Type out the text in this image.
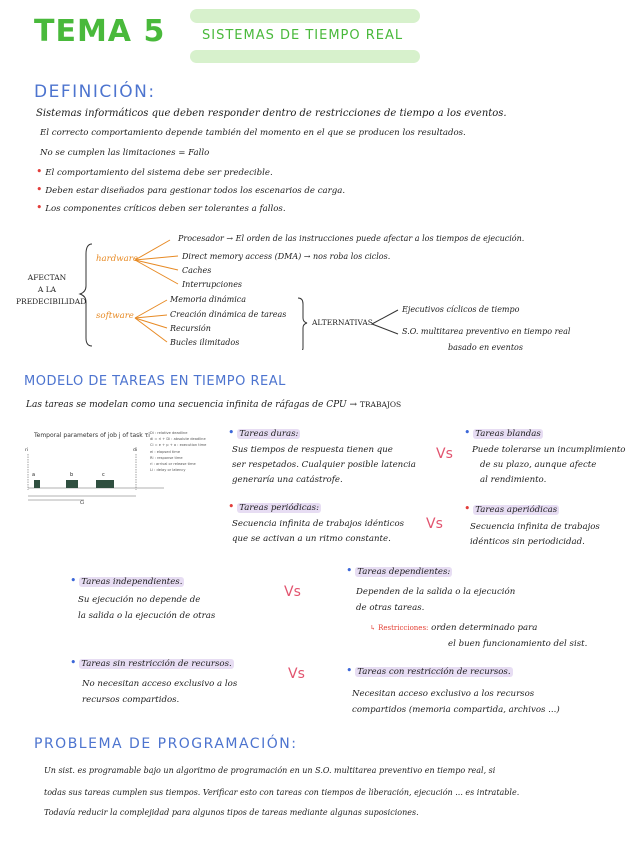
TEMA 5	SISTEMAS DE TIEMPO REAL
DEFINICIÓN:
Sistemas informáticos que deben responder dentro de restricciones de tiempo a los eventos.
El correcto comportamiento depende también del momento en el que se producen los resultados.
No se cumplen las limitaciones = Fallo
• El comportamiento del sistema debe ser predecible.
• Deben estar diseñados para gestionar todos los escenarios de carga.
• Los componentes críticos deben ser tolerantes a fallos.
AFECTAN
A LA
PREDECIBILIDAD
hardware
Procesador → El orden de las instrucciones puede afectar a los tiempos de ejecución.
Direct memory access (DMA) → nos roba los ciclos.
Caches
Interrupciones
software
Memoria dinámica
Creación dinámica de tareas
Recursión
Bucles ilimitados
ALTERNATIVAS
Ejecutivos cíclicos de tiempo
S.O. multitarea preventivo en tiempo real
basado en eventos
MODELO DE TAREAS EN TIEMPO REAL
Las tareas se modelan como una secuencia infinita de ráfagas de CPU → TRABAJOS
Temporal parameters of job j of task τi Di : relative deadline
di = ri + Di : absolute deadline
Ci = e + p + a : execution time
ei : elapsed time
Ri : response time
ri : arrival or release time
Li : delay or latency
a	b	c
ri	di
Ci
• Tareas duras:
Sus tiempos de respuesta tienen que
ser respetados. Cualquier posible latencia
generaría una catástrofe.
Vs
• Tareas blandas
Puede tolerarse un incumplimiento
de su plazo, aunque afecte
al rendimiento.
• Tareas periódicas:
Secuencia infinita de trabajos idénticos
que se activan a un ritmo constante.
Vs
• Tareas aperiódicas
Secuencia infinita de trabajos
idénticos sin periodicidad.
• Tareas independientes.
Su ejecución no depende de
la salida o la ejecución de otras
Vs
• Tareas dependientes:
Dependen de la salida o la ejecución
de otras tareas.
↳ Restricciones: orden determinado para
el buen funcionamiento del sist.
• Tareas sin restricción de recursos.
No necesitan acceso exclusivo a los
recursos compartidos.
Vs	• Tareas con restricción de recursos.
Necesitan acceso exclusivo a los recursos
compartidos (memoria compartida, archivos ...)
PROBLEMA DE PROGRAMACIÓN:
Un sist. es programable bajo un algoritmo de programación en un S.O. multitarea preventivo en tiempo real, si
todas sus tareas cumplen sus tiempos. Verificar esto con tareas con tiempos de liberación, ejecución ... es intratable.
Todavía reducir la complejidad para algunos tipos de tareas mediante algunas suposiciones.
